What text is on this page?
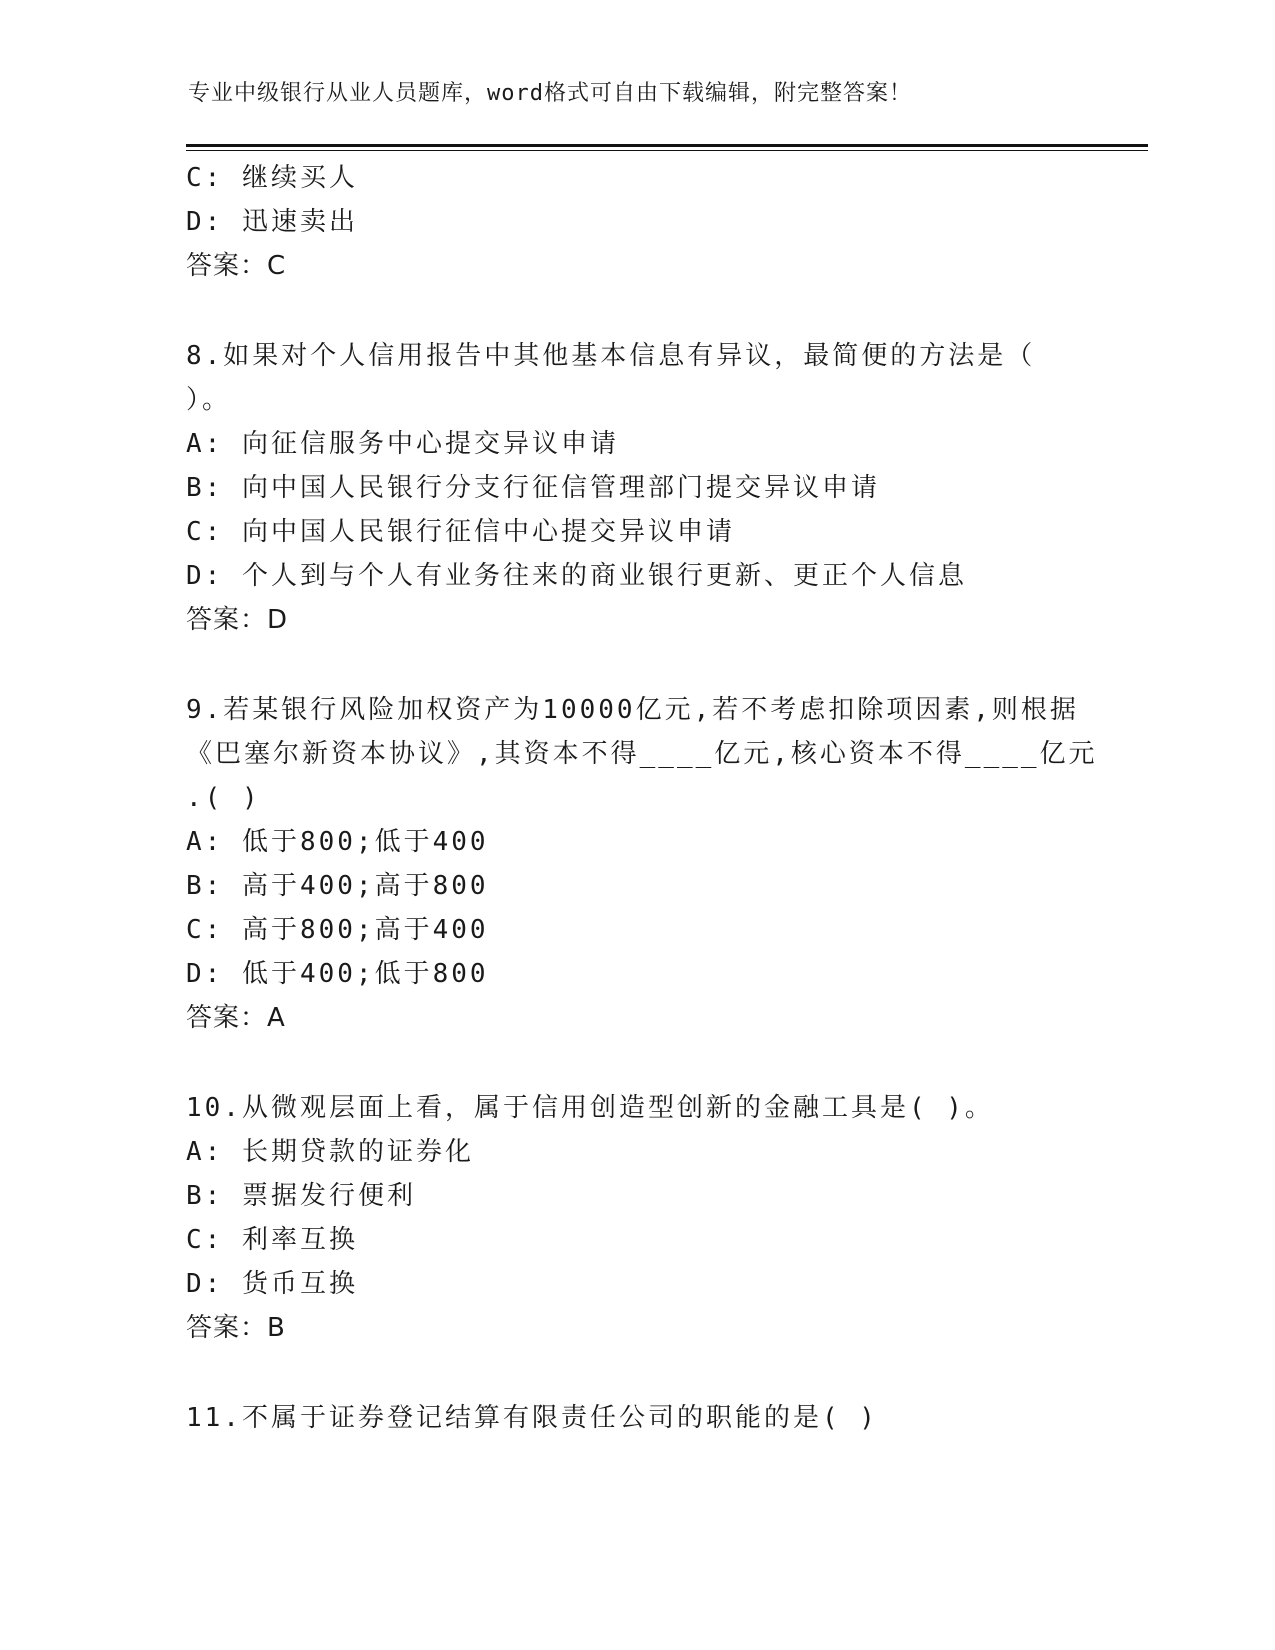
专业中级银行从业人员题库，word格式可自由下载编辑，附完整答案！
C: 继续买人
D: 迅速卖出
答案：C
8.如果对个人信用报告中其他基本信息有异议，最简便的方法是（
）。
A: 向征信服务中心提交异议申请
B: 向中国人民银行分支行征信管理部门提交异议申请
C: 向中国人民银行征信中心提交异议申请
D: 个人到与个人有业务往来的商业银行更新、更正个人信息
答案：D
9.若某银行风险加权资产为10000亿元,若不考虑扣除项因素,则根据
《巴塞尔新资本协议》,其资本不得____亿元,核心资本不得____亿元
.( )
A: 低于800;低于400
B: 高于400;高于800
C: 高于800;高于400
D: 低于400;低于800
答案：A
10.从微观层面上看，属于信用创造型创新的金融工具是( )。
A: 长期贷款的证券化
B: 票据发行便利
C: 利率互换
D: 货币互换
答案：B
11.不属于证券登记结算有限责任公司的职能的是( )
